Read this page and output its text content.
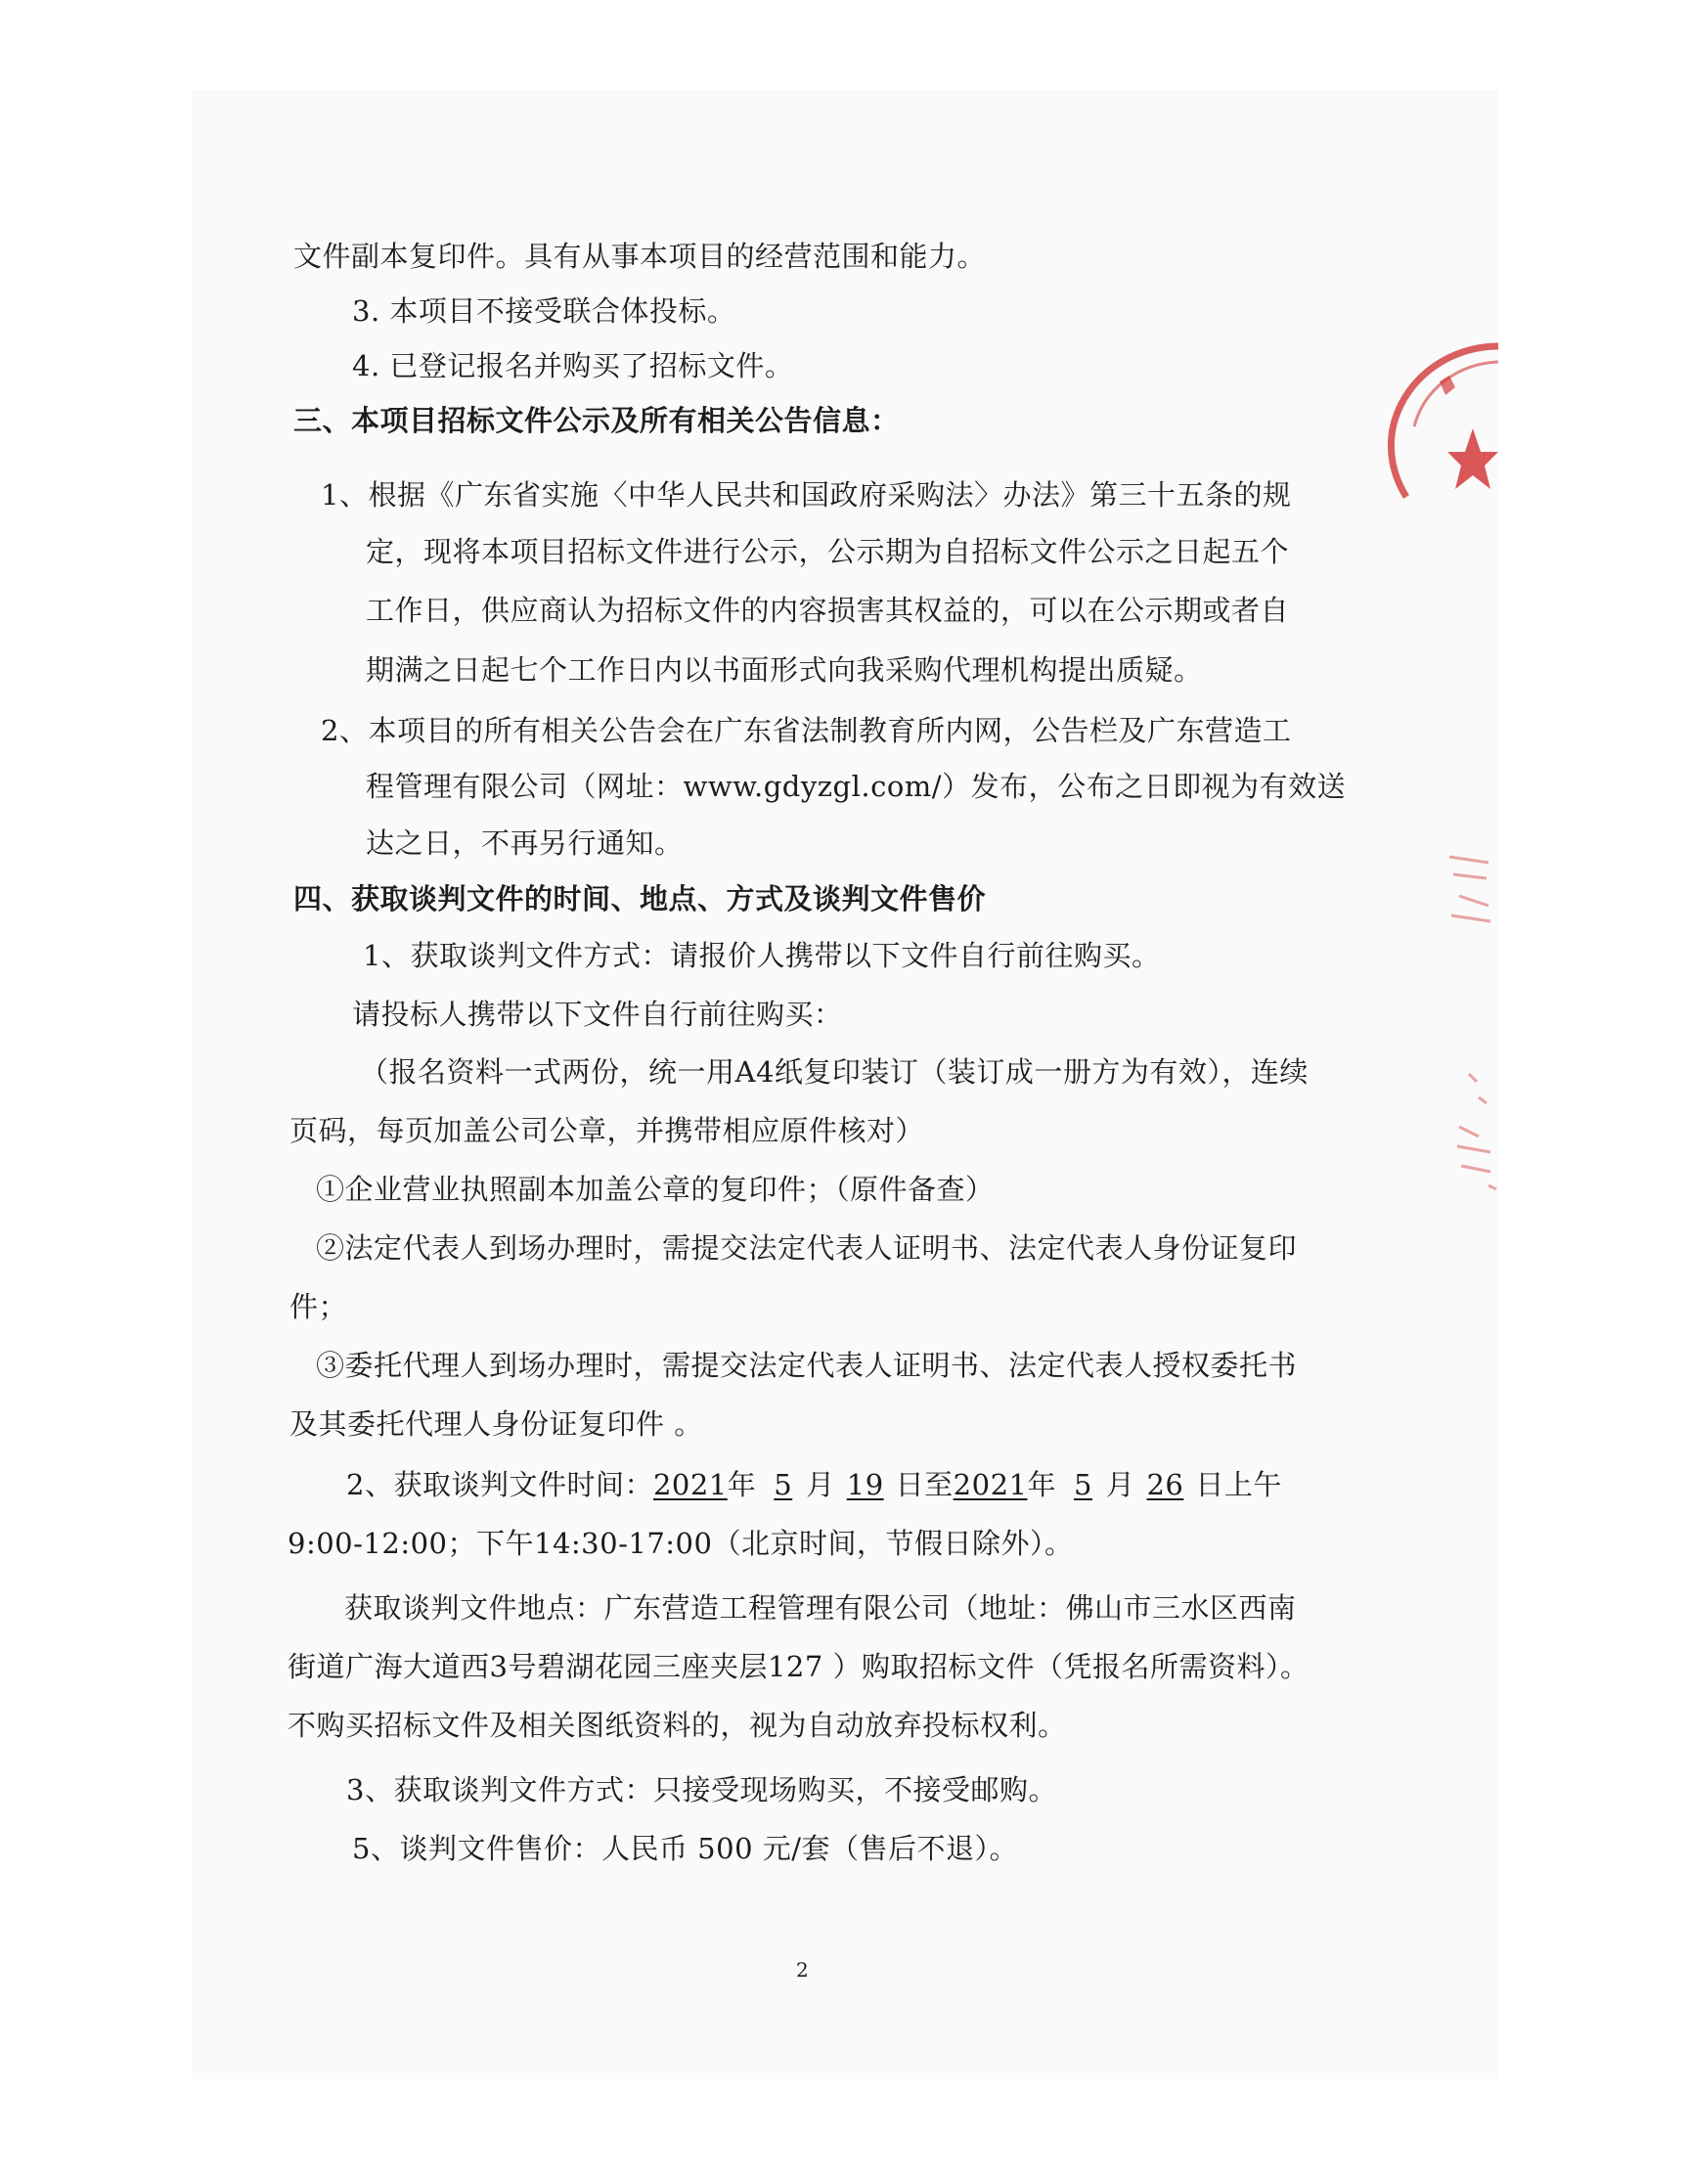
文件副本复印件。具有从事本项目的经营范围和能力。
3. 本项目不接受联合体投标。
4. 已登记报名并购买了招标文件。
三、本项目招标文件公示及所有相关公告信息：
1、根据《广东省实施〈中华人民共和国政府采购法〉办法》第三十五条的规
定，现将本项目招标文件进行公示，公示期为自招标文件公示之日起五个
工作日，供应商认为招标文件的内容损害其权益的，可以在公示期或者自
期满之日起七个工作日内以书面形式向我采购代理机构提出质疑。
2、本项目的所有相关公告会在广东省法制教育所内网，公告栏及广东营造工
程管理有限公司（网址：www.gdyzgl.com/）发布，公布之日即视为有效送
达之日，不再另行通知。
四、获取谈判文件的时间、地点、方式及谈判文件售价
1、获取谈判文件方式：请报价人携带以下文件自行前往购买。
请投标人携带以下文件自行前往购买：
（报名资料一式两份，统一用A4纸复印装订（装订成一册方为有效），连续
页码，每页加盖公司公章，并携带相应原件核对）
①企业营业执照副本加盖公章的复印件；（原件备查）
②法定代表人到场办理时，需提交法定代表人证明书、法定代表人身份证复印
件；
③委托代理人到场办理时，需提交法定代表人证明书、法定代表人授权委托书
及其委托代理人身份证复印件 。
2、获取谈判文件时间：2021年 5 月 19 日至2021年 5 月 26 日上午
9:00-12:00；下午14:30-17:00（北京时间，节假日除外）。
获取谈判文件地点：广东营造工程管理有限公司（地址：佛山市三水区西南
街道广海大道西3号碧湖花园三座夹层127 ）购取招标文件（凭报名所需资料）。
不购买招标文件及相关图纸资料的，视为自动放弃投标权利。
3、获取谈判文件方式：只接受现场购买，不接受邮购。
5、谈判文件售价：人民币 500 元/套（售后不退）。
2
